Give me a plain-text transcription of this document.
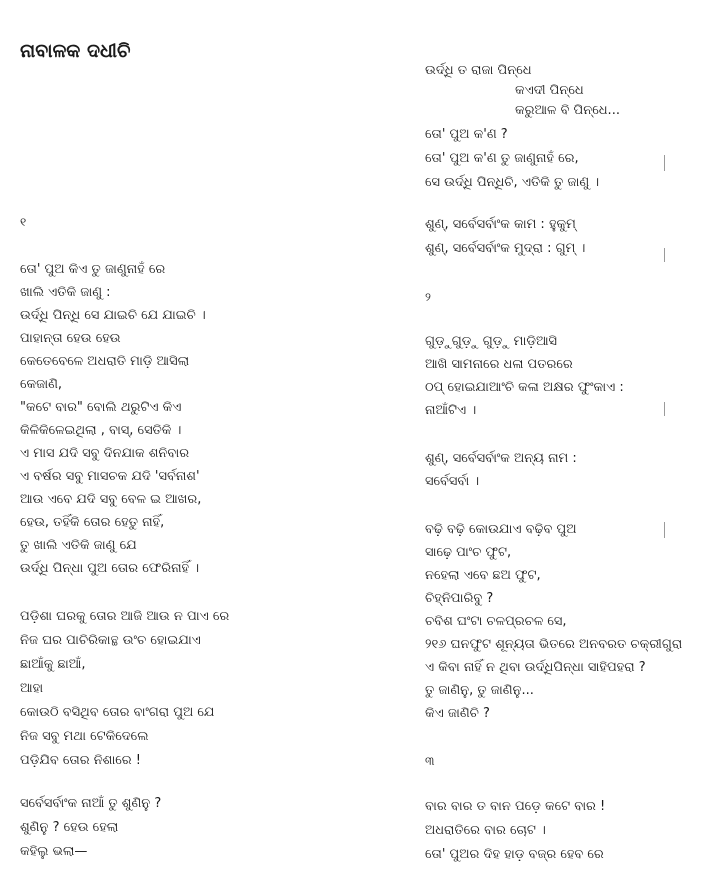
ନାବାଳକ ଦଧୀଚି
୧
ତୋ' ପୁଅ କିଏ ତୁ ଜାଣୁନାହଁ ରେ
ଖାଲି ଏତିକି ଜାଣୁ :
ଉର୍ଦ୍ଧି ପିନ୍ଧି ସେ ଯାଇଚି ଯେ ଯାଇଚି ।
ପାହାନ୍ତା ହେଉ ହେଉ
କେତେବେଳେ ଅଧରାତି ମାଡ଼ି ଆସିଲା
କେଜାଣି,
"କଟେ ବାର" ବୋଲି ଥରୁଟିଏ କିଏ
କିଳିକିଳେଇଥିଲା , ବାସ୍, ସେତିକି ।
ଏ ମାସ ଯଦି ସବୁ ଦିନଯାକ ଶନିବାର
ଏ ବର୍ଷର ସବୁ ମାସଚକ ଯଦି 'ସର୍ବନାଶ'
ଆଉ ଏବେ ଯଦି ସବୁ ବେଳ ଇ ଆଖର,
ହେଉ, ତହିଁକି ତୋର ହେତୁ ନାହିଁ,
ତୁ ଖାଲି ଏତିକି ଜାଣୁ ଯେ
ଉର୍ଦ୍ଧି ପିନ୍ଧା ପୁଅ ତୋର ଫେରିନାହିଁ ।
ପଡ଼ିଶା ଘରକୁ ତୋର ଆଜି ଆଉ ନ ପାଏ ରେ
ନିଜ ଘର ପାଚିରିକାନ୍ଥ ଉଂଚ ହୋଇଯାଏ
ଛାଆଁକୁ ଛାଆଁ,
ଆହା
କୋଉଠି ବସିଥିବ ତୋର ବାଂଗରା ପୁଅ ଯେ
ନିଜ ସବୁ ମଥା ଟେକିଦେଲେ
ପଡ଼ିଯିବ ତୋର ନିଶାରେ !
ସର୍ବେସର୍ବାଂକ ନାଆଁ ତୁ ଶୁଣିନୁ ?
ଶୁଣିନୁ ? ହେଉ ହେଲା
କହିଲୁ ଭଲା—
ଉର୍ଦ୍ଧି ତ ରାଜା ପିନ୍ଧେ
କଏଦୀ ପିନ୍ଧେ
କରୁଆଳ ବି ପିନ୍ଧେ...
ତୋ' ପୁଅ କ'ଣ ?
ତୋ' ପୁଅ କ'ଣ ତୁ ଜାଣୁନାହଁ ରେ,
ସେ ଉର୍ଦ୍ଧି ପିନ୍ଧିଚି, ଏତିକି ତୁ ଜାଣୁ ।
ଶୁଣ୍, ସର୍ବେସର୍ବାଂକ କାମ : ହୁକୁମ୍
ଶୁଣ୍, ସର୍ବେସର୍ବାଂକ ମୁଦ୍ରା : ଗୁମ୍ ।
୨
ଗୁଡ଼ୁଗୁଡ଼ୁ ଗୁଡ଼ୁ ମାଡ଼ିଆସି
ଆଖି ସାମନାରେ ଧଳା ପତରରେ
ଠପ୍ ହୋଇଯାଆଂଚି କଳା ଅକ୍ଷର ଫୁଂକାଏ :
ନାଆଁଟିଏ ।
ଶୁଣ୍, ସର୍ବେସର୍ବାଂକ ଅନ୍ୟ ନାମ :
ସର୍ବେସର୍ବା ।
ବଢ଼ି ବଢ଼ି କୋଉଯାଏ ବଢ଼ିବ ପୁଅ
ସାଢ଼େ ପାଂଚ ଫୁଟ,
ନହେଲା ଏବେ ଛଅ ଫୁଟ,
ଚିହ୍ନିପାରିବୁ ?
ଚବିଶ ଘଂଟା ଚଳପ୍ରଚଳ ସେ,
୨୧୬ ଘନଫୁଟ ଶୂନ୍ୟତା ଭିତରେ ଅନବରତ ଚକ୍ରୀଗୁରା
ଏ କିବା ନାହିଁ ନ ଥିବା ଉର୍ଦ୍ଧିପିନ୍ଧା ସାହିପହରା ?
ତୁ ଜାଣିନୁ, ତୁ ଜାଣିନୁ...
କିଏ ଜାଣିଚି ?
୩
ବାର ବାର ତ ବାନ ପଡ଼େ କଟେ ବାର !
ଅଧରାତିରେ ବାର ଚୋଟ ।
ତୋ' ପୁଅର ଦିହ ହାଡ଼ ବଜ୍ର ହେବ ରେ
